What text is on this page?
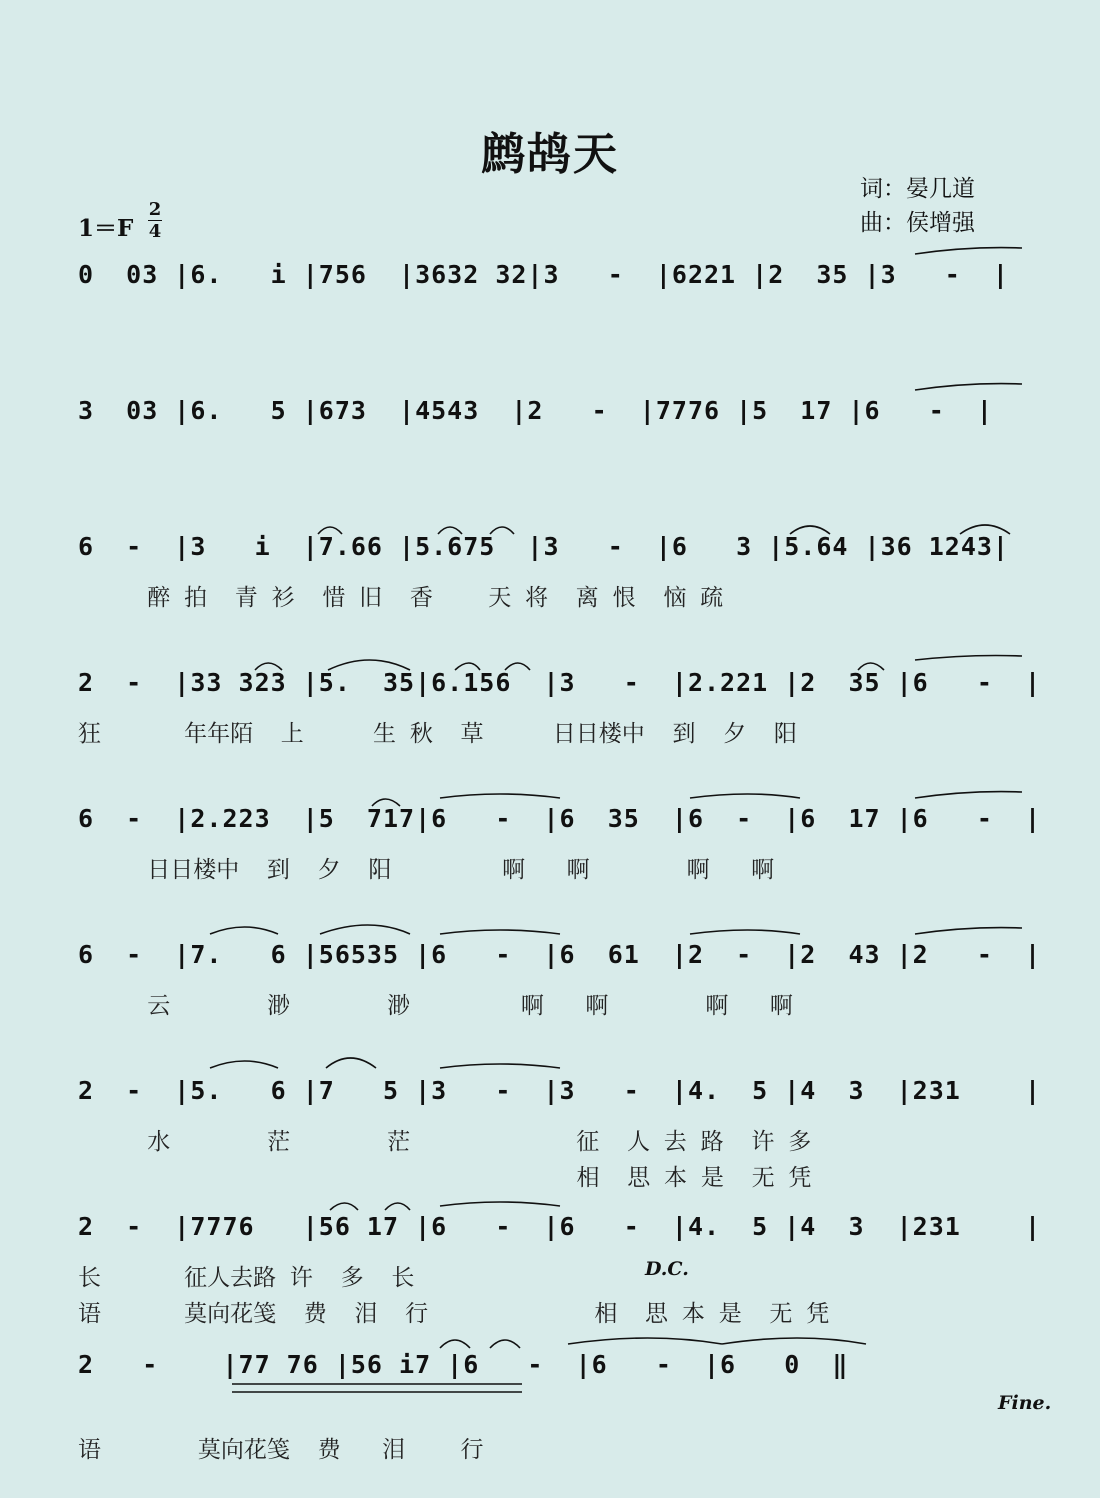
鹧鸪天
词：晏几道
曲：侯增强
1＝F
2
4
0  03 |6.   i |756  |3632 32|3   -  |6221 |2  35 |3   -  |
3  03 |6.   5 |673  |4543  |2   -  |7776 |5  17 |6   -  |
6  -  |3   i  |7.66 |5.675  |3   -  |6   3 |5.64 |36 1243|
醉 拍  青 衫  惜 旧  香    天 将  离 恨  恼 疏
2  -  |33 323 |5.  35|6.156  |3   -  |2.221 |2  35 |6   -  |
狂      年年陌  上     生 秋  草     日日楼中  到  夕  阳
6  -  |2.223  |5  717|6   -  |6  35  |6  -  |6  17 |6   -  |
日日楼中  到  夕  阳        啊   啊       啊   啊
6  -  |7.   6 |56535 |6   -  |6  61  |2  -  |2  43 |2   -  |
云       渺       渺        啊   啊       啊   啊
2  -  |5.   6 |7   5 |3   -  |3   -  |4.  5 |4  3  |231    |
水       茫       茫            征  人 去 路  许 多
相  思 本 是  无 凭
2  -  |7776   |56 17 |6   -  |6   -  |4.  5 |4  3  |231    |
长      征人去路 许  多  长
语      莫向花笺  费  泪  行            相  思 本 是  无 凭
D.C.
2   -    |77 76 |56 i7 |6   -  |6   -  |6   0  ‖
语       莫向花笺  费   泪    行
Fine.
